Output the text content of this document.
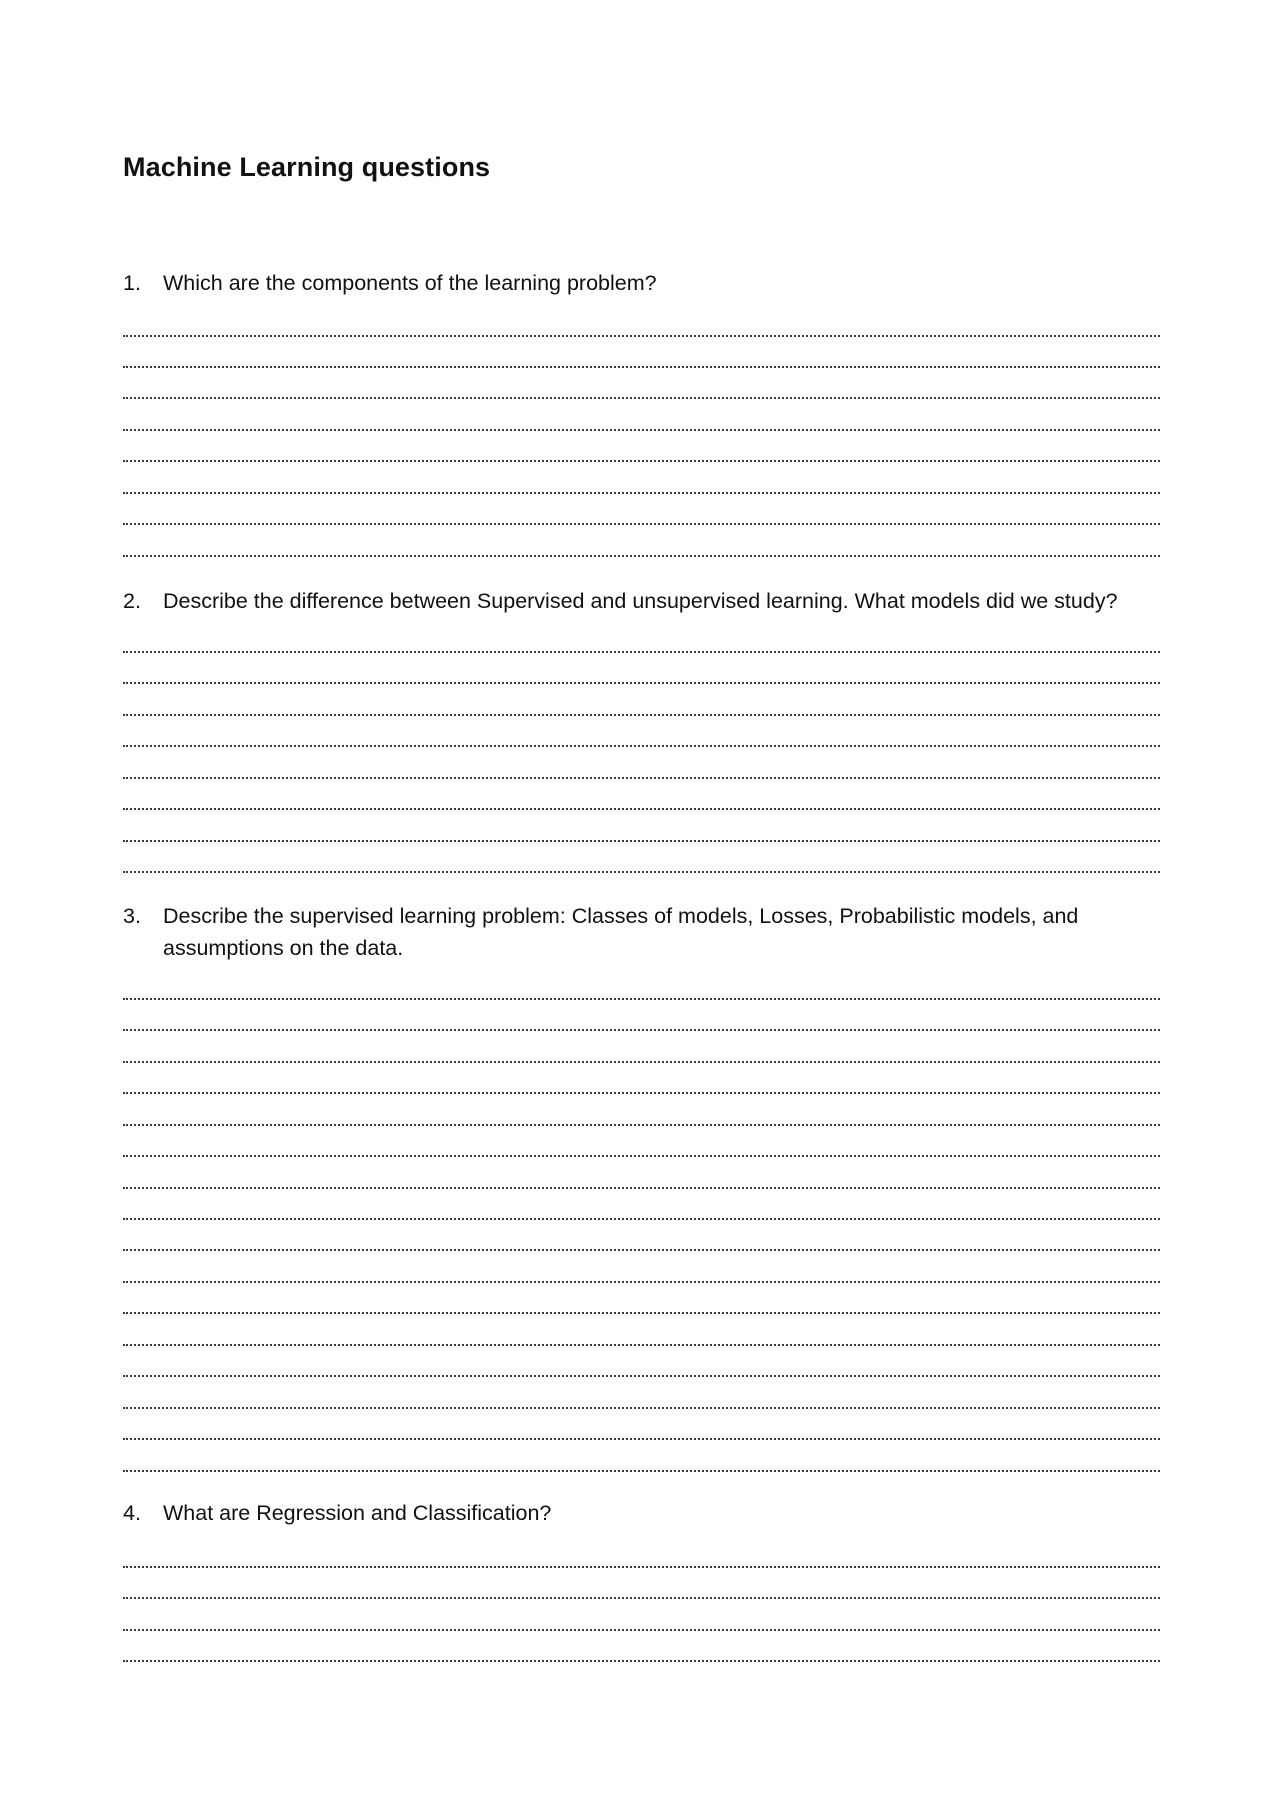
Machine Learning questions
1.	Which are the components of the learning problem?
2.	Describe the difference between Supervised and unsupervised learning. What models did we study?
3.	Describe the supervised learning problem: Classes of models, Losses, Probabilistic models, and assumptions on the data.
4.	What are Regression and Classification?
